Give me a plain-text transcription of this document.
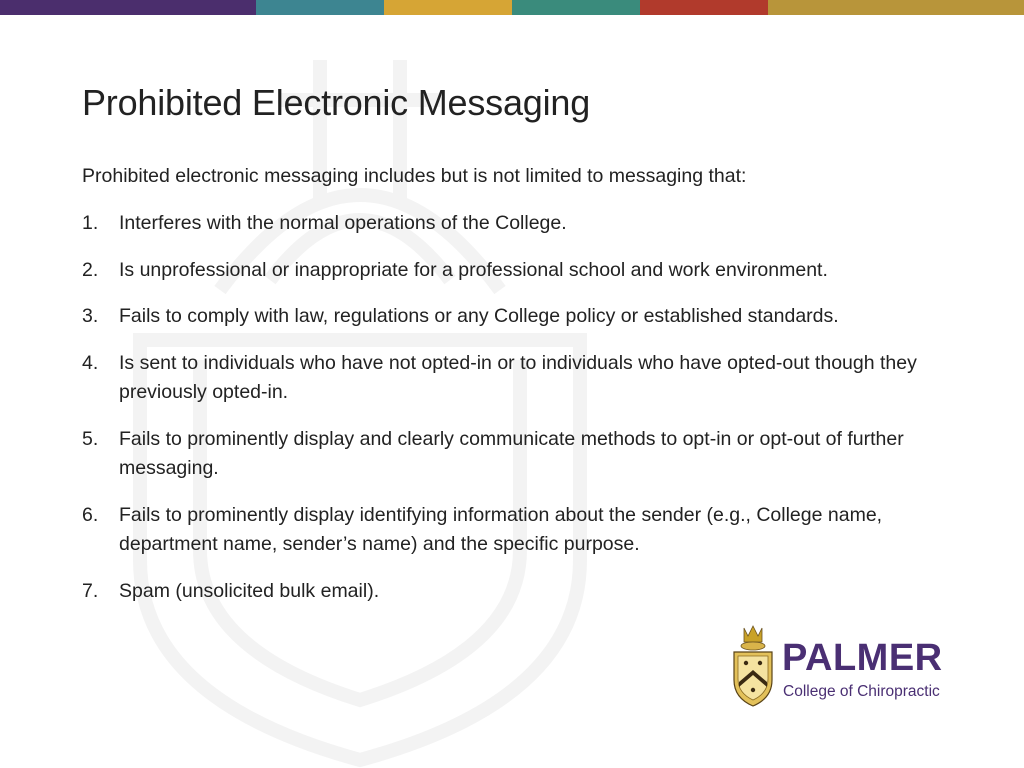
Prohibited Electronic Messaging

Prohibited electronic messaging includes but is not limited to messaging that:

1. Interferes with the normal operations of the College.
2. Is unprofessional or inappropriate for a professional school and work environment.
3. Fails to comply with law, regulations or any College policy or established standards.
4. Is sent to individuals who have not opted-in or to individuals who have opted-out though they previously opted-in.
5. Fails to prominently display and clearly communicate methods to opt-in or opt-out of further messaging.
6. Fails to prominently display identifying information about the sender (e.g., College name, department name, sender’s name) and the specific purpose.
7. Spam (unsolicited bulk email).
PALMER
College of Chiropractic
